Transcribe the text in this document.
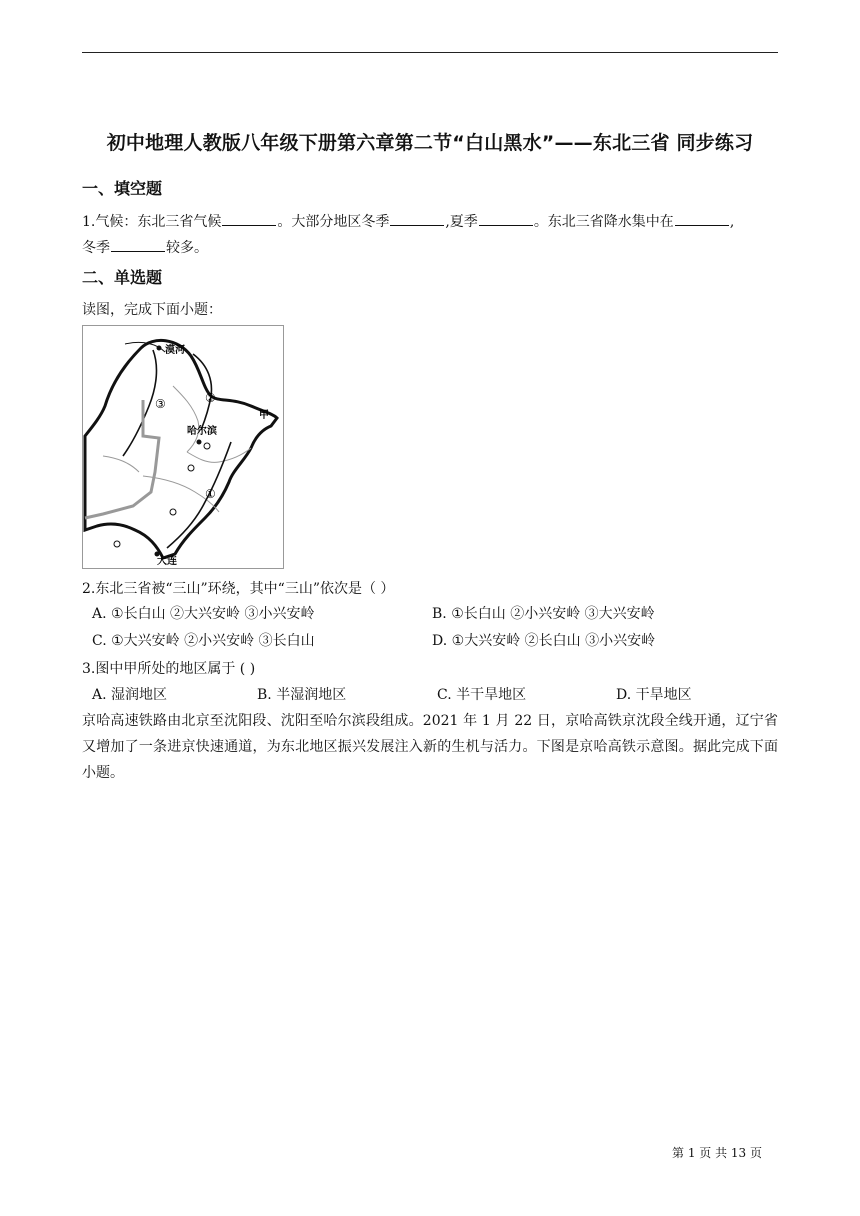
初中地理人教版八年级下册第六章第二节“白山黑水”——东北三省 同步练习
一、填空题
1.气候：东北三省气候	。大部分地区冬季	,夏季	。东北三省降水集中在	,
冬季	较多。
二、单选题
读图，完成下面小题：
漠河
哈尔滨
甲
大连
①
②
③
2.东北三省被“三山”环绕，其中“三山”依次是（ ）
A. ①长白山 ②大兴安岭 ③小兴安岭	B. ①长白山 ②小兴安岭 ③大兴安岭
C. ①大兴安岭 ②小兴安岭 ③长白山	D. ①大兴安岭 ②长白山 ③小兴安岭
3.图中甲所处的地区属于 ( )
A. 湿润地区	B. 半湿润地区	C. 半干旱地区	D. 干旱地区
京哈高速铁路由北京至沈阳段、沈阳至哈尔滨段组成。2021 年 1 月 22 日，京哈高铁京沈段全线开通，辽宁省又增加了一条进京快速通道，为东北地区振兴发展注入新的生机与活力。下图是京哈高铁示意图。据此完成下面小题。
第 1 页 共 13 页
